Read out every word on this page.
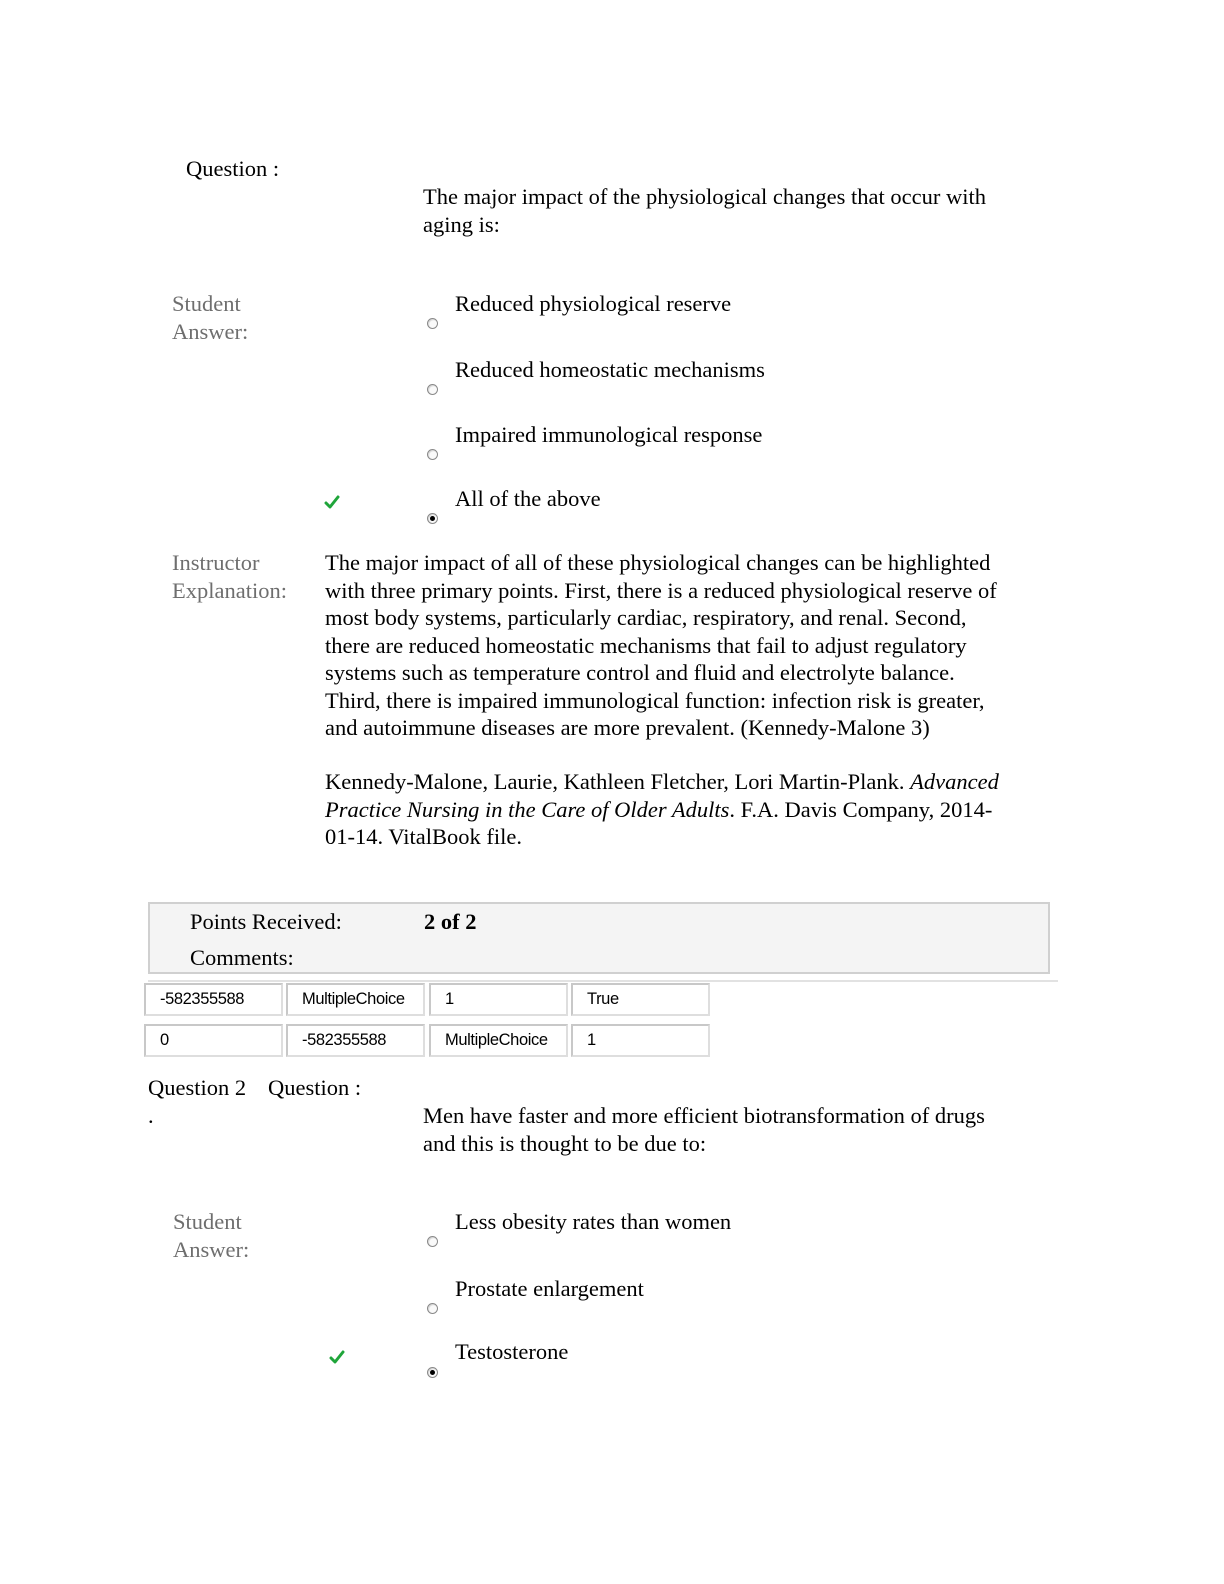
Question :
The major impact of the physiological changes that occur with
aging is:
Student
Answer:
Reduced physiological reserve
Reduced homeostatic mechanisms
Impaired immunological response
All of the above
Instructor
Explanation:
The major impact of all of these physiological changes can be highlighted
with three primary points. First, there is a reduced physiological reserve of
most body systems, particularly cardiac, respiratory, and renal. Second,
there are reduced homeostatic mechanisms that fail to adjust regulatory
systems such as temperature control and fluid and electrolyte balance.
Third, there is impaired immunological function: infection risk is greater,
and autoimmune diseases are more prevalent. (Kennedy-Malone 3)
Kennedy-Malone, Laurie, Kathleen Fletcher, Lori Martin-Plank. Advanced
Practice Nursing in the Care of Older Adults. F.A. Davis Company, 2014-
01-14. VitalBook file.
Points Received:	2 of 2
Comments:
-582355588	MultipleChoice	1	True
0	-582355588	MultipleChoice	1
Question 2
.
Question :
Men have faster and more efficient biotransformation of drugs
and this is thought to be due to:
Student
Answer:
Less obesity rates than women
Prostate enlargement
Testosterone
